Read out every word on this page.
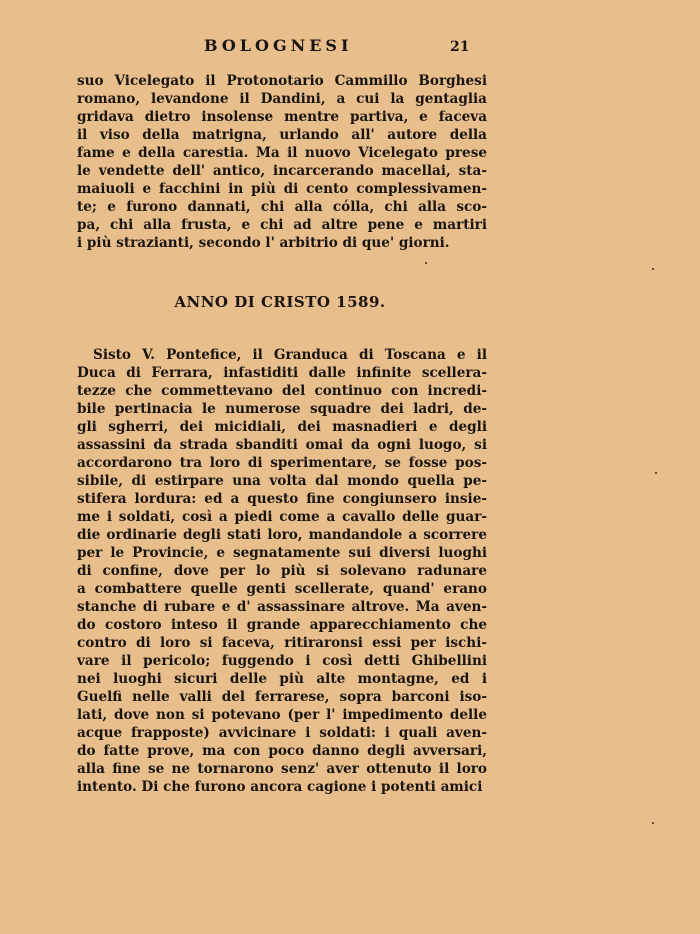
BOLOGNESI	21
suo Vicelegato il Protonotario Cammillo Borghesi
romano, levandone il Dandini, a cui la gentaglia
gridava dietro insolense mentre partiva, e faceva
il viso della matrigna, urlando all' autore della
fame e della carestia. Ma il nuovo Vicelegato prese
le vendette dell' antico, incarcerando macellai, sta-
maiuoli e facchini in più di cento complessivamen-
te; e furono dannati, chi alla cólla, chi alla sco-
pa, chi alla frusta, e chi ad altre pene e martiri
i più strazianti, secondo l' arbitrio di que' giorni.
ANNO DI CRISTO 1589.
Sisto V. Pontefice, il Granduca di Toscana e il
Duca di Ferrara, infastiditi dalle infinite scellera-
tezze che commettevano del continuo con incredi-
bile pertinacia le numerose squadre dei ladri, de-
gli sgherri, dei micidiali, dei masnadieri e degli
assassini da strada sbanditi omai da ogni luogo, si
accordarono tra loro di sperimentare, se fosse pos-
sibile, di estirpare una volta dal mondo quella pe-
stifera lordura: ed a questo fine congiunsero insie-
me i soldati, così a piedi come a cavallo delle guar-
die ordinarie degli stati loro, mandandole a scorrere
per le Provincie, e segnatamente sui diversi luoghi
di confine, dove per lo più si solevano radunare
a combattere quelle genti scellerate, quand' erano
stanche di rubare e d' assassinare altrove. Ma aven-
do costoro inteso il grande apparecchiamento che
contro di loro si faceva, ritiraronsi essi per ischi-
vare il pericolo; fuggendo i così detti Ghibellini
nei luoghi sicuri delle più alte montagne, ed i
Guelfi nelle valli del ferrarese, sopra barconi iso-
lati, dove non si potevano (per l' impedimento delle
acque frapposte) avvicinare i soldati: i quali aven-
do fatte prove, ma con poco danno degli avversari,
alla fine se ne tornarono senz' aver ottenuto il loro
intento. Di che furono ancora cagione i potenti amici
